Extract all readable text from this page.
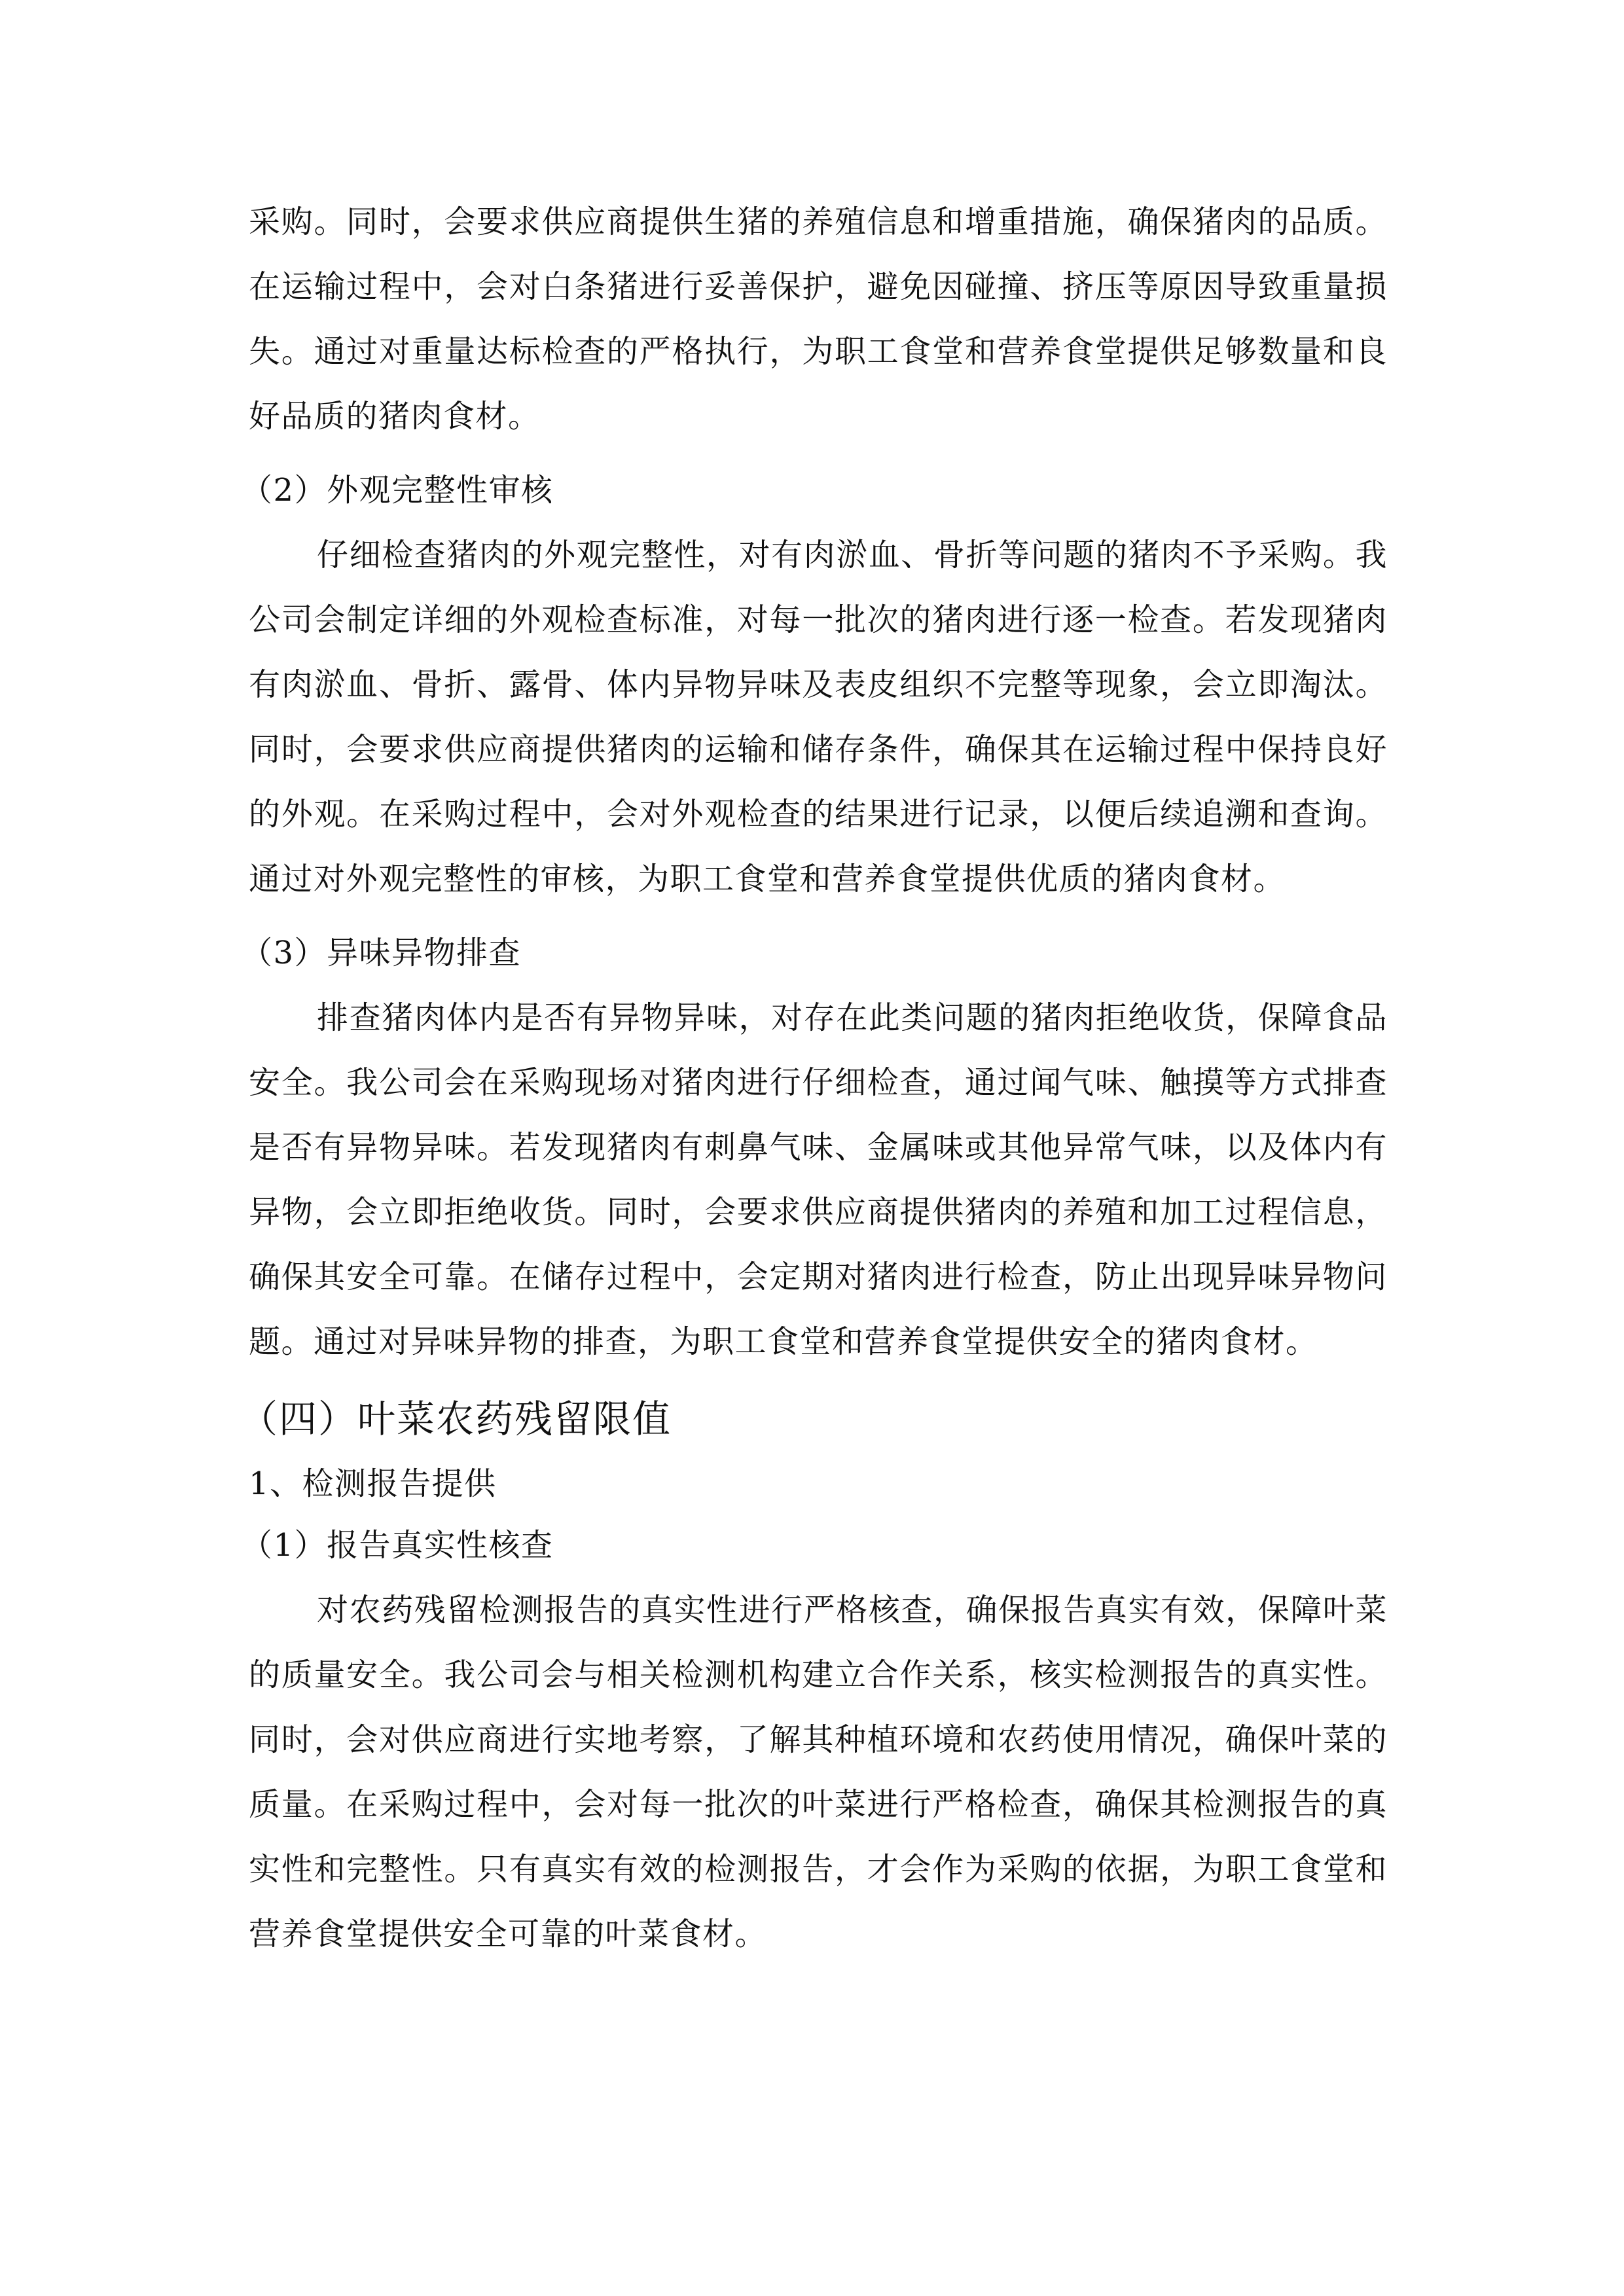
采购。同时，会要求供应商提供生猪的养殖信息和增重措施，确保猪肉的品质。在运输过程中，会对白条猪进行妥善保护，避免因碰撞、挤压等原因导致重量损失。通过对重量达标检查的严格执行，为职工食堂和营养食堂提供足够数量和良好品质的猪肉食材。

（2）外观完整性审核

仔细检查猪肉的外观完整性，对有肉淤血、骨折等问题的猪肉不予采购。我公司会制定详细的外观检查标准，对每一批次的猪肉进行逐一检查。若发现猪肉有肉淤血、骨折、露骨、体内异物异味及表皮组织不完整等现象，会立即淘汰。同时，会要求供应商提供猪肉的运输和储存条件，确保其在运输过程中保持良好的外观。在采购过程中，会对外观检查的结果进行记录，以便后续追溯和查询。通过对外观完整性的审核，为职工食堂和营养食堂提供优质的猪肉食材。

（3）异味异物排查

排查猪肉体内是否有异物异味，对存在此类问题的猪肉拒绝收货，保障食品安全。我公司会在采购现场对猪肉进行仔细检查，通过闻气味、触摸等方式排查是否有异物异味。若发现猪肉有刺鼻气味、金属味或其他异常气味，以及体内有异物，会立即拒绝收货。同时，会要求供应商提供猪肉的养殖和加工过程信息，确保其安全可靠。在储存过程中，会定期对猪肉进行检查，防止出现异味异物问题。通过对异味异物的排查，为职工食堂和营养食堂提供安全的猪肉食材。

（四）叶菜农药残留限值

1、检测报告提供

（1）报告真实性核查

对农药残留检测报告的真实性进行严格核查，确保报告真实有效，保障叶菜的质量安全。我公司会与相关检测机构建立合作关系，核实检测报告的真实性。同时，会对供应商进行实地考察，了解其种植环境和农药使用情况，确保叶菜的质量。在采购过程中，会对每一批次的叶菜进行严格检查，确保其检测报告的真实性和完整性。只有真实有效的检测报告，才会作为采购的依据，为职工食堂和营养食堂提供安全可靠的叶菜食材。
